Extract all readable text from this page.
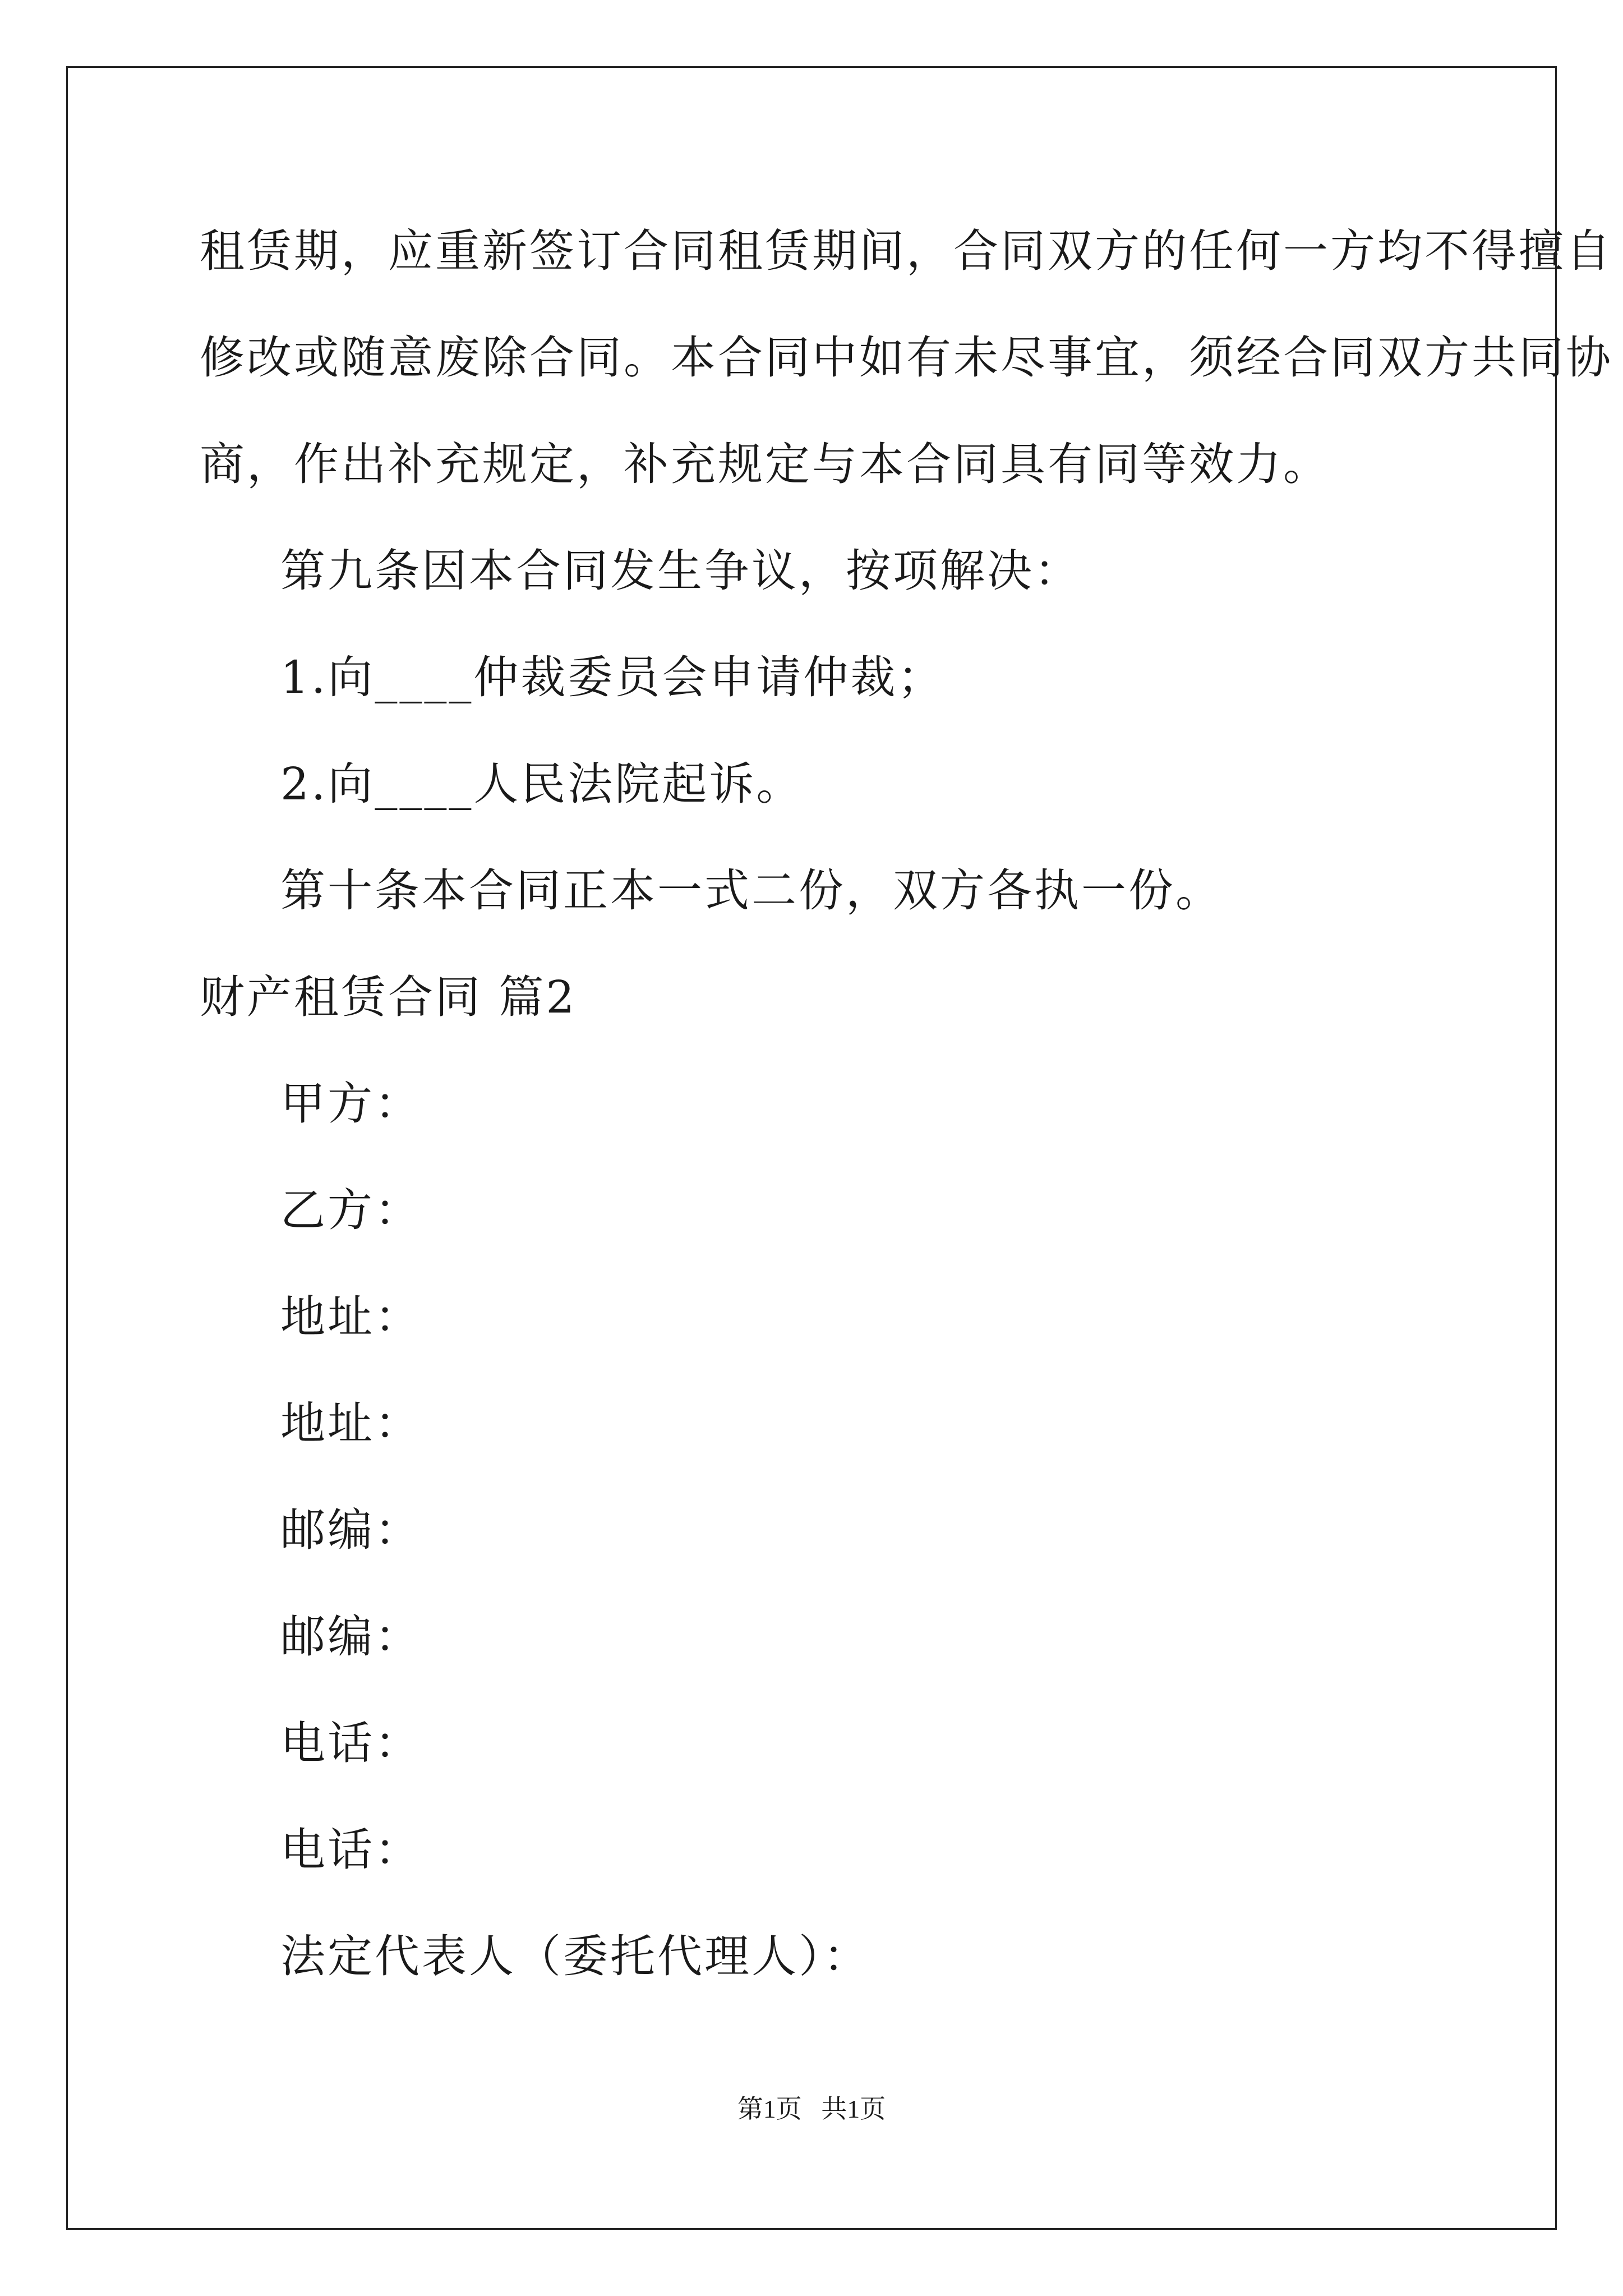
租赁期，应重新签订合同租赁期间，合同双方的任何一方均不得擅自
修改或随意废除合同。本合同中如有未尽事宜，须经合同双方共同协
商，作出补充规定，补充规定与本合同具有同等效力。
第九条因本合同发生争议，按项解决：
1.向____仲裁委员会申请仲裁；
2.向____人民法院起诉。
第十条本合同正本一式二份，双方各执一份。
财产租赁合同 篇2
甲方：
乙方：
地址：
地址：
邮编：
邮编：
电话：
电话：
法定代表人（委托代理人）：
第1页   共1页
